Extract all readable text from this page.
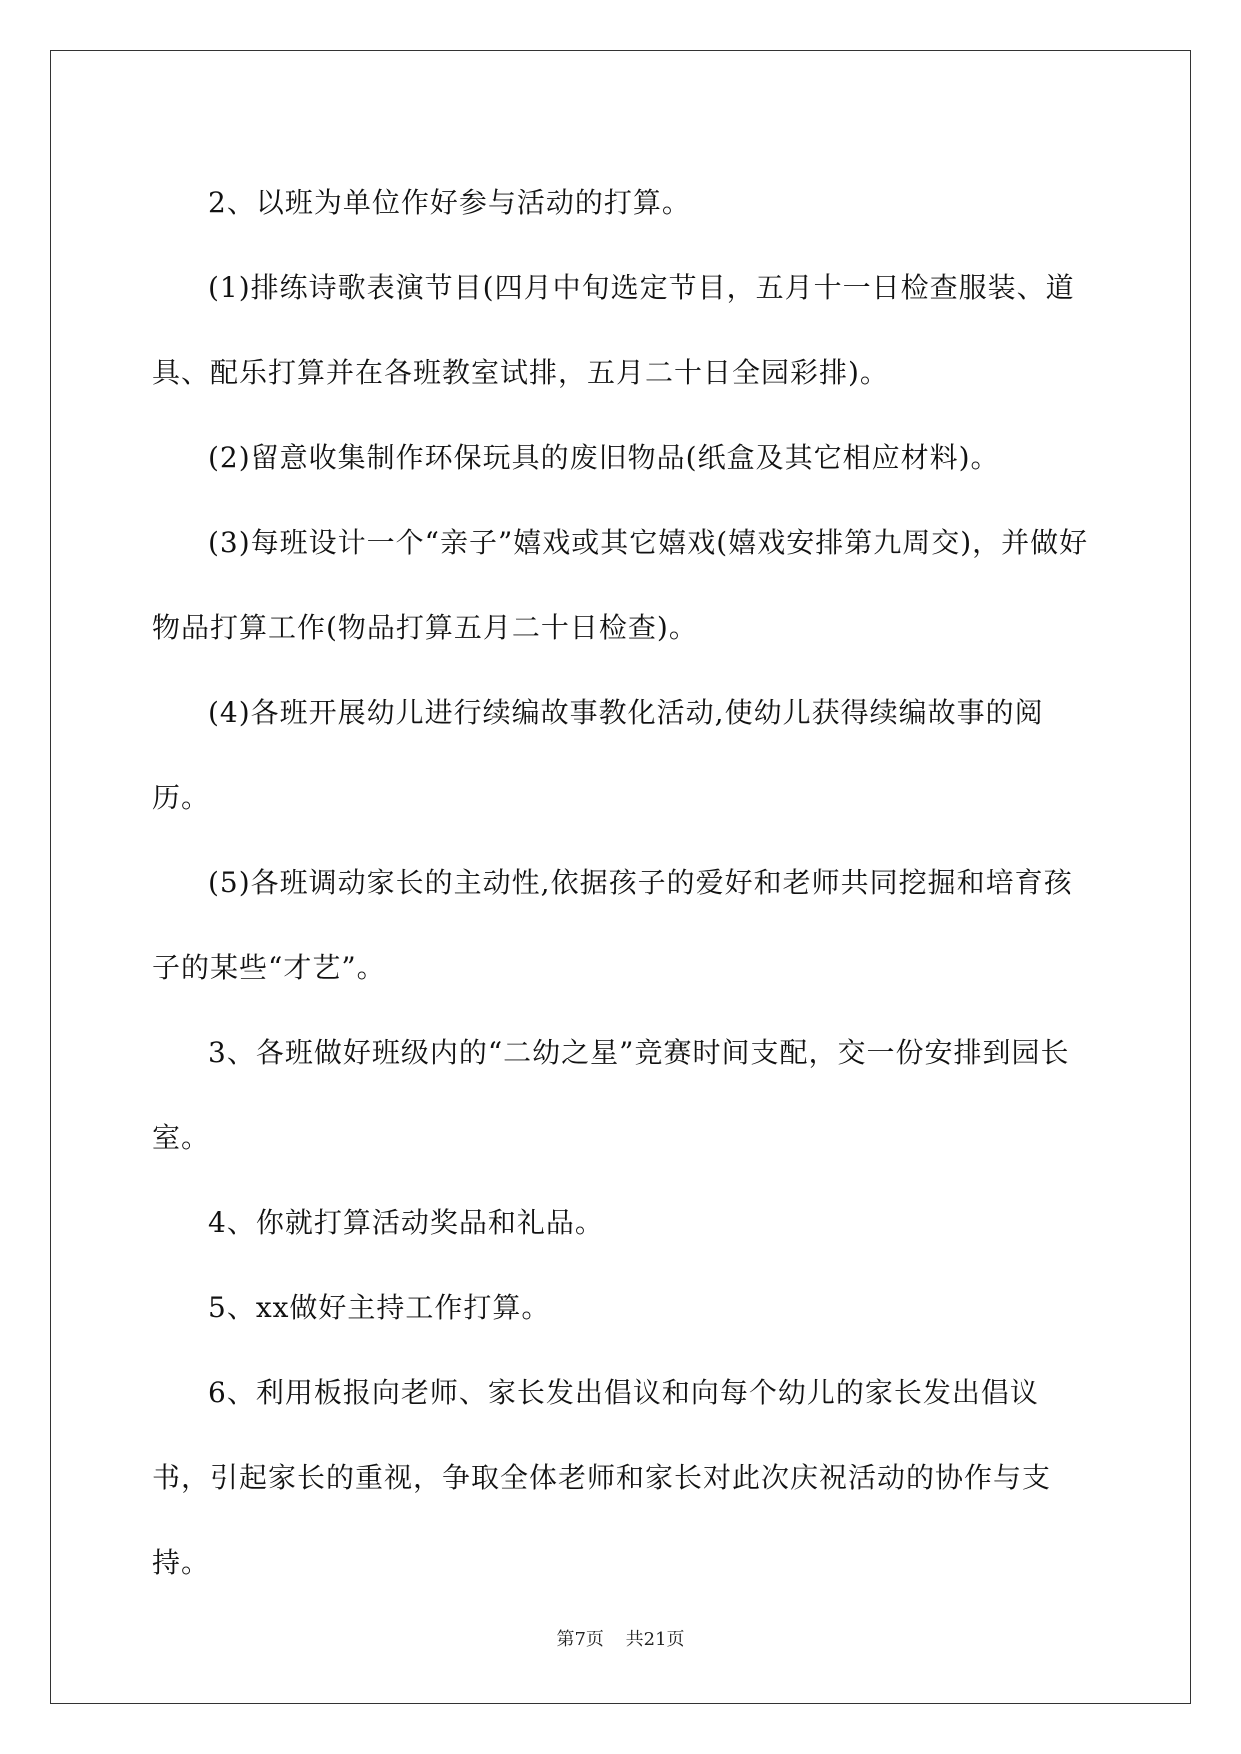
2、以班为单位作好参与活动的打算。

(1)排练诗歌表演节目(四月中旬选定节目，五月十一日检查服装、道具、配乐打算并在各班教室试排，五月二十日全园彩排)。

(2)留意收集制作环保玩具的废旧物品(纸盒及其它相应材料)。

(3)每班设计一个“亲子”嬉戏或其它嬉戏(嬉戏安排第九周交)，并做好物品打算工作(物品打算五月二十日检查)。

(4)各班开展幼儿进行续编故事教化活动,使幼儿获得续编故事的阅历。

(5)各班调动家长的主动性,依据孩子的爱好和老师共同挖掘和培育孩子的某些“才艺”。

3、各班做好班级内的“二幼之星”竞赛时间支配，交一份安排到园长室。

4、你就打算活动奖品和礼品。

5、xx做好主持工作打算。

6、利用板报向老师、家长发出倡议和向每个幼儿的家长发出倡议书，引起家长的重视，争取全体老师和家长对此次庆祝活动的协作与支持。

第7页 共21页
